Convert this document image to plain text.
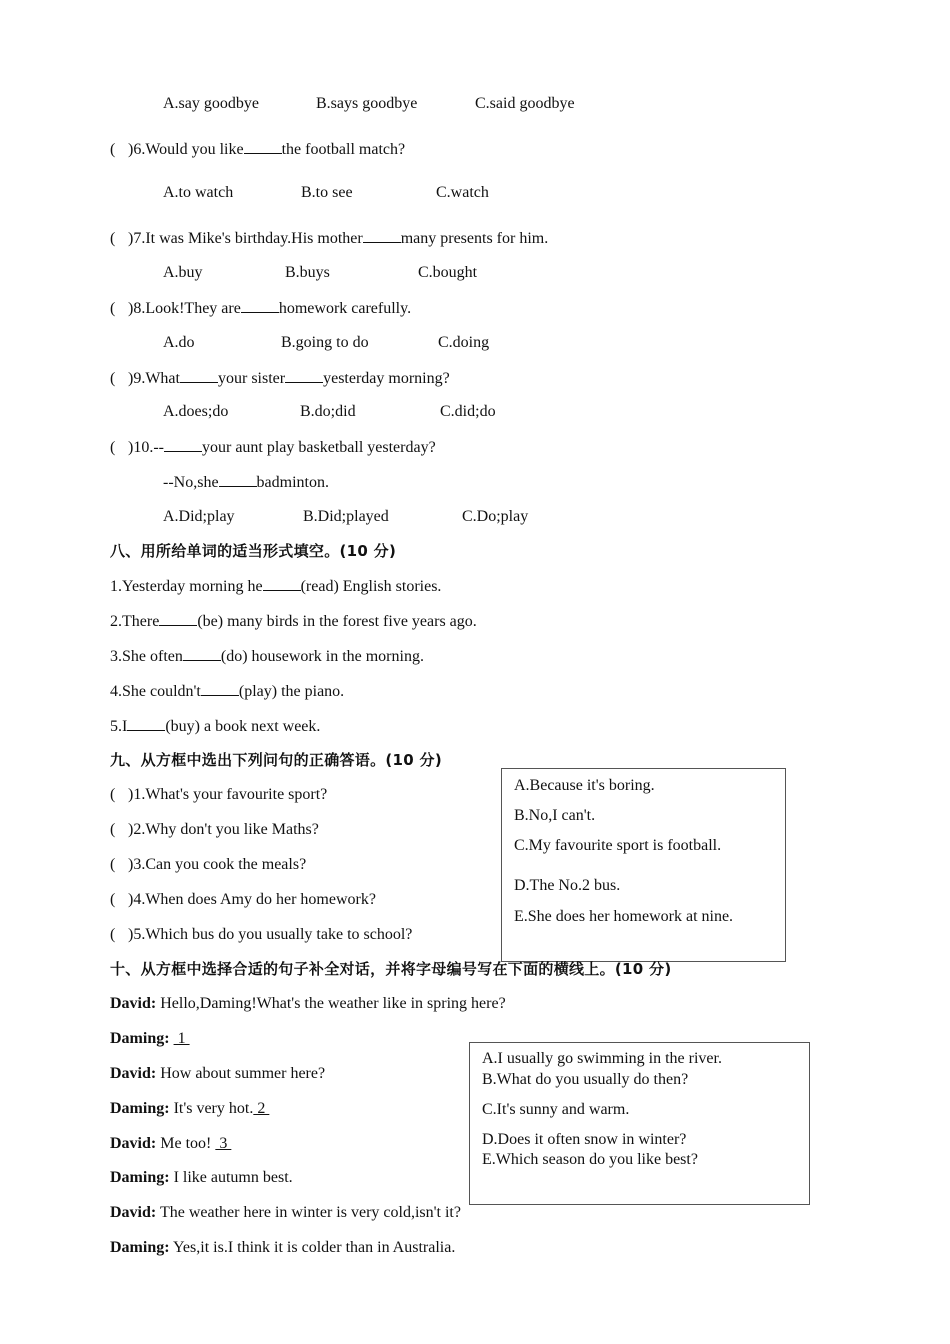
A.say goodbye	B.says goodbye	C.said goodbye
( )6.Would you like the football match?
A.to watch	B.to see	C.watch
( )7.It was Mike's birthday.His mother many presents for him.
A.buy	B.buys	C.bought
( )8.Look!They are homework carefully.
A.do	B.going to do	C.doing
( )9.What your sister yesterday morning?
A.does;do	B.do;did	C.did;do
( )10.-- your aunt play basketball yesterday?
--No,she badminton.
A.Did;play	B.Did;played	C.Do;play
八、用所给单词的适当形式填空。(10 分)
1.Yesterday morning he (read) English stories.
2.There (be) many birds in the forest five years ago.
3.She often (do) housework in the morning.
4.She couldn't (play) the piano.
5.I (buy) a book next week.
九、从方框中选出下列问句的正确答语。(10 分)
( )1.What's your favourite sport?
( )2.Why don't you like Maths?
( )3.Can you cook the meals?
( )4.When does Amy do her homework?
( )5.Which bus do you usually take to school?
A.Because it's boring.
B.No,I can't.
C.My favourite sport is football.
D.The No.2 bus.
E.She does her homework at nine.
十、从方框中选择合适的句子补全对话，并将字母编号写在下面的横线上。(10 分)
David: Hello,Daming!What's the weather like in spring here?
Daming:  1
David: How about summer here?
Daming: It's very hot. 2
David: Me too!  3
Daming: I like autumn best.
David: The weather here in winter is very cold,isn't it?
Daming: Yes,it is.I think it is colder than in Australia.
A.I usually go swimming in the river.
B.What do you usually do then?
C.It's sunny and warm.
D.Does it often snow in winter?
E.Which season do you like best?
